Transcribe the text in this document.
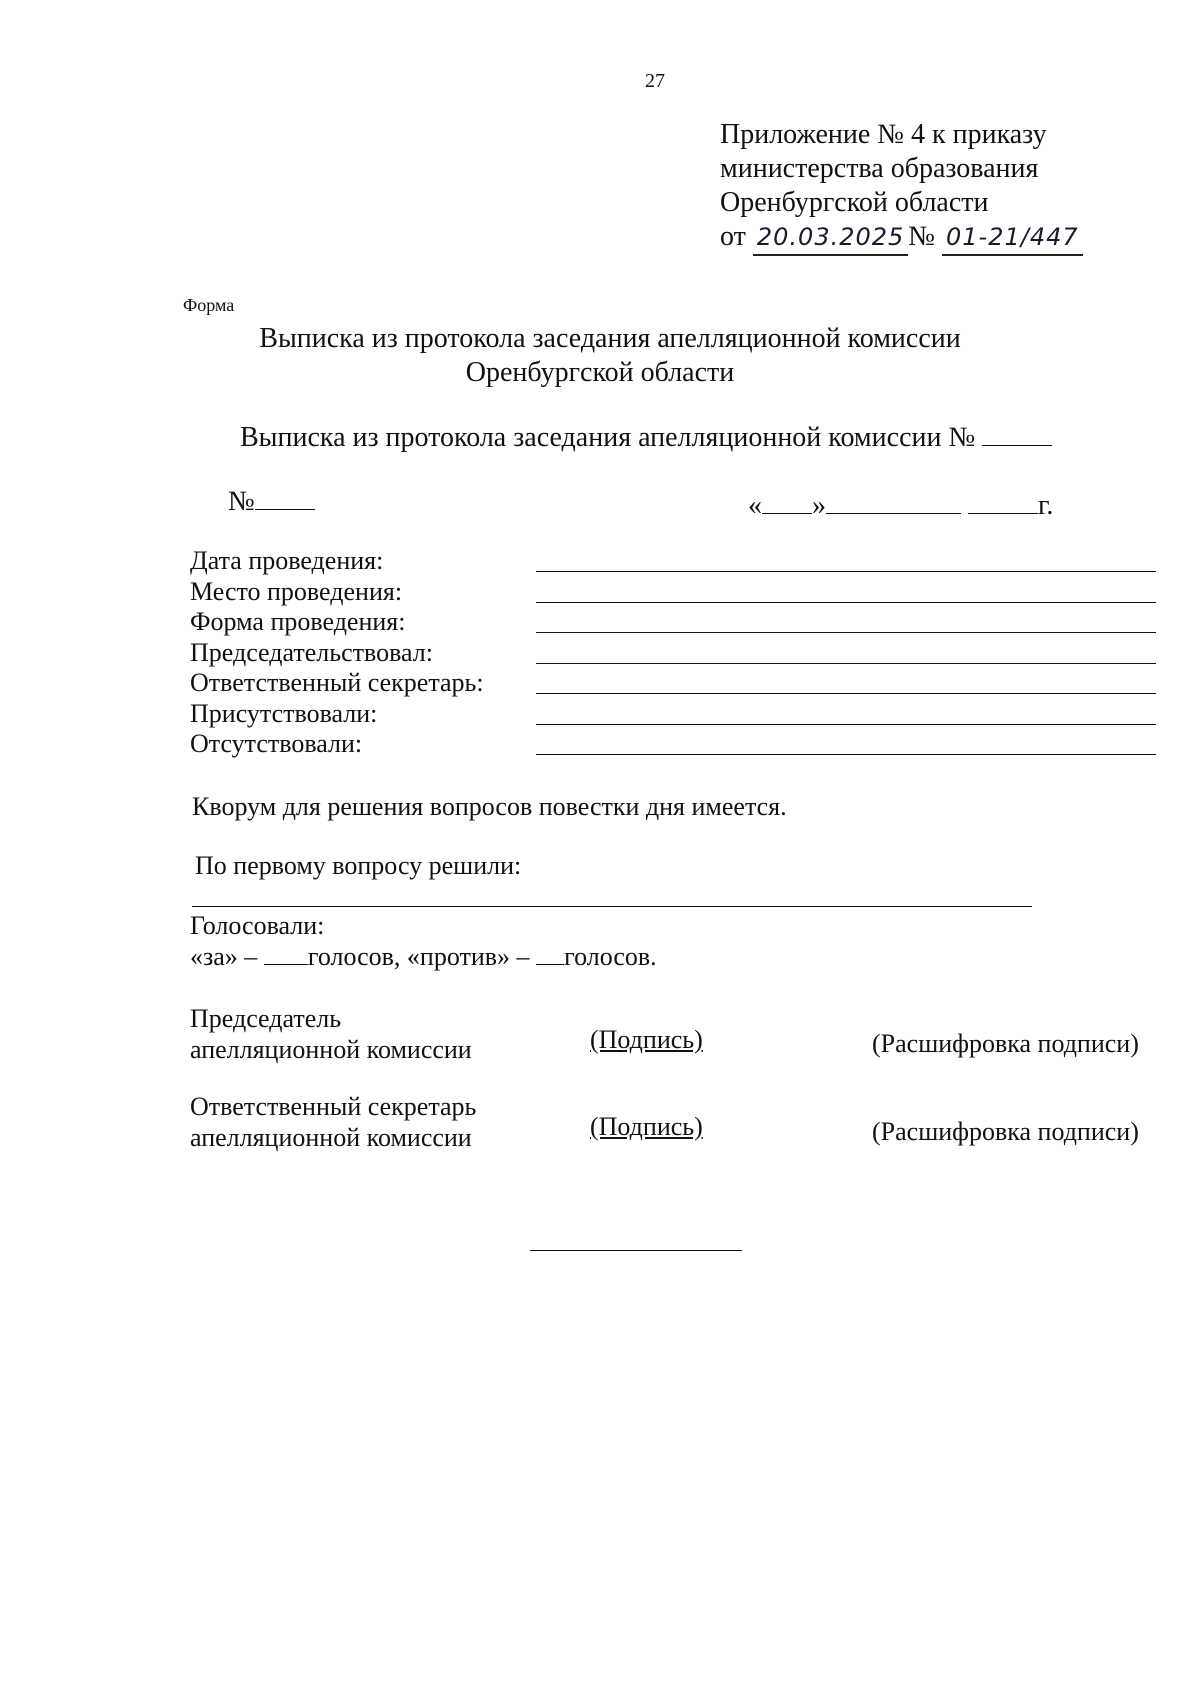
27
Приложение № 4 к приказу
министерства образования
Оренбургской области
от 20.03.2025 № 01-21/447
Форма
Выписка из протокола заседания апелляционной комиссии
Оренбургской области
Выписка из протокола заседания апелляционной комиссии №
№	« »	г.
Дата проведения:
Место проведения:
Форма проведения:
Председательствовал:
Ответственный секретарь:
Присутствовали:
Отсутствовали:
Кворум для решения вопросов повестки дня имеется.
По первому вопросу решили:
Голосовали:
«за» – голосов, «против» – голосов.
Председатель
апелляционной комиссии	(Подпись)	(Расшифровка подписи)
Ответственный секретарь
апелляционной комиссии	(Подпись)	(Расшифровка подписи)
